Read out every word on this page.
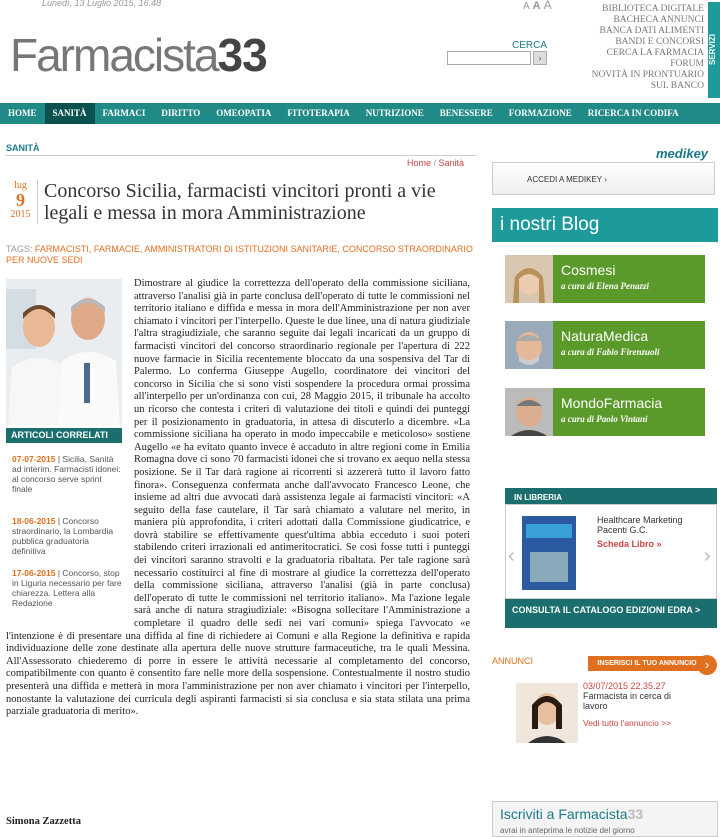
Lunedì, 13 Luglio 2015, 16.48	A A A
Farmacista33	CERCA
›
BIBLIOTECA DIGITALE
BACHECA ANNUNCI
BANCA DATI ALIMENTI
BANDI E CONCORSI
CERCA LA FARMACIA
FORUM
NOVITÀ IN PRONTUARIO
SUL BANCO
SERVIZI
HOME	SANITÀ	FARMACI	DIRITTO	OMEOPATIA	FITOTERAPIA	NUTRIZIONE	BENESSERE	FORMAZIONE	RICERCA IN CODIFA
SANITÀ
Home / Sanità
lug
9
2015
Concorso Sicilia, farmacisti vincitori pronti a vie legali e messa in mora Amministrazione
TAGS: FARMACISTI, FARMACIE, AMMINISTRATORI DI ISTITUZIONI SANITARIE, CONCORSO STRAORDINARIO PER NUOVE SEDI
ARTICOLI CORRELATI
07-07-2015 | Sicilia, Sanità ad interim. Farmacisti idonei: al concorso serve sprint finale
18-06-2015 | Concorso straordinario, la Lombardia pubblica graduatoria definitiva
17-06-2015 | Concorso, stop in Liguria necessario per fare chiarezza. Lettera alla Redazione

Dimostrare al giudice la correttezza dell'operato della commissione siciliana, attraverso l'analisi già in parte conclusa dell'operato di tutte le commissioni nel territorio italiano e diffida e messa in mora dell'Amministrazione per non aver chiamato i vincitori per l'interpello. Queste le due linee, una di natura giudiziale l'altra stragiudiziale, che saranno seguite dai legali incaricati da un gruppo di farmacisti vincitori del concorso straordinario regionale per l'apertura di 222 nuove farmacie in Sicilia recentemente bloccato da una sospensiva del Tar di Palermo. Lo conferma Giuseppe Augello, coordinatore dei vincitori del concorso in Sicilia che si sono visti sospendere la procedura ormai prossima all'interpello per un'ordinanza con cui, 28 Maggio 2015, il tribunale ha accolto un ricorso che contesta i criteri di valutazione dei titoli e quindi dei punteggi per il posizionamento in graduatoria, in attesa di discuterlo a dicembre. «La commissione siciliana ha operato in modo impeccabile e meticoloso» sostiene Augello «e ha evitato quanto invece è accaduto in altre regioni come in Emilia Romagna dove ci sono 70 farmacisti idonei che si trovano ex aequo nella stessa posizione. Se il Tar darà ragione ai ricorrenti si azzererà tutto il lavoro fatto finora». Conseguenza confermata anche dall'avvocato Francesco Leone, che insieme ad altri due avvocati darà assistenza legale ai farmacisti vincitori: «A seguito della fase cautelare, il Tar sarà chiamato a valutare nel merito, in maniera più approfondita, i criteri adottati dalla Commissione giudicatrice, e dovrà stabilire se effettivamente quest'ultima abbia ecceduto i suoi poteri stabilendo criteri irrazionali ed antimeritocratici. Se così fosse tutti i punteggi dei vincitori saranno stravolti e la graduatoria ribaltata. Per tale ragione sarà necessario costituirci al fine di mostrare al giudice la correttezza dell'operato della commissione siciliana, attraverso l'analisi (già in parte conclusa) dell'operato di tutte le commissioni nel territorio italiano». Ma l'azione legale sarà anche di natura stragiudiziale: «Bisogna sollecitare l'Amministrazione a completare il quadro delle sedi nei vari comuni» spiega l'avvocato «e l'intenzione è di presentare una diffida al fine di richiedere ai Comuni e alla Regione la definitiva e rapida individuazione delle zone destinate alla apertura delle nuove strutture farmaceutiche, tra le quali Messina. All'Assessorato chiederemo di porre in essere le attività necessarie al completamento del concorso, compatibilmente con quanto è consentito fare nelle more della sospensione. Contestualmente il nostro studio presenterà una diffida e metterà in mora l'amministrazione per non aver chiamato i vincitori per l'interpello, nonostante la valutazione dei curricula degli aspiranti farmacisti si sia conclusa e sia stata stilata una prima parziale graduatoria di merito».

Simona Zazzetta
medikey
ACCEDI A MEDIKEY ›
i nostri Blog
Cosmesi
a cura di Elena Penazzi
NaturaMedica
a cura di Fabio Firenzuoli
MondoFarmacia
a cura di Paolo Vintani
IN LIBRERIA
‹	›
Healthcare Marketing
Pacenti G.C.
Scheda Libro »
CONSULTA IL CATALOGO EDIZIONI EDRA >
ANNUNCI	INSERISCI IL TUO ANNUNCIO ›
03/07/2015 22.35.27
Farmacista in cerca di lavoro
Vedi tutto l'annuncio >>
Iscriviti a Farmacista33
avrai in anteprima le notizie del giorno
